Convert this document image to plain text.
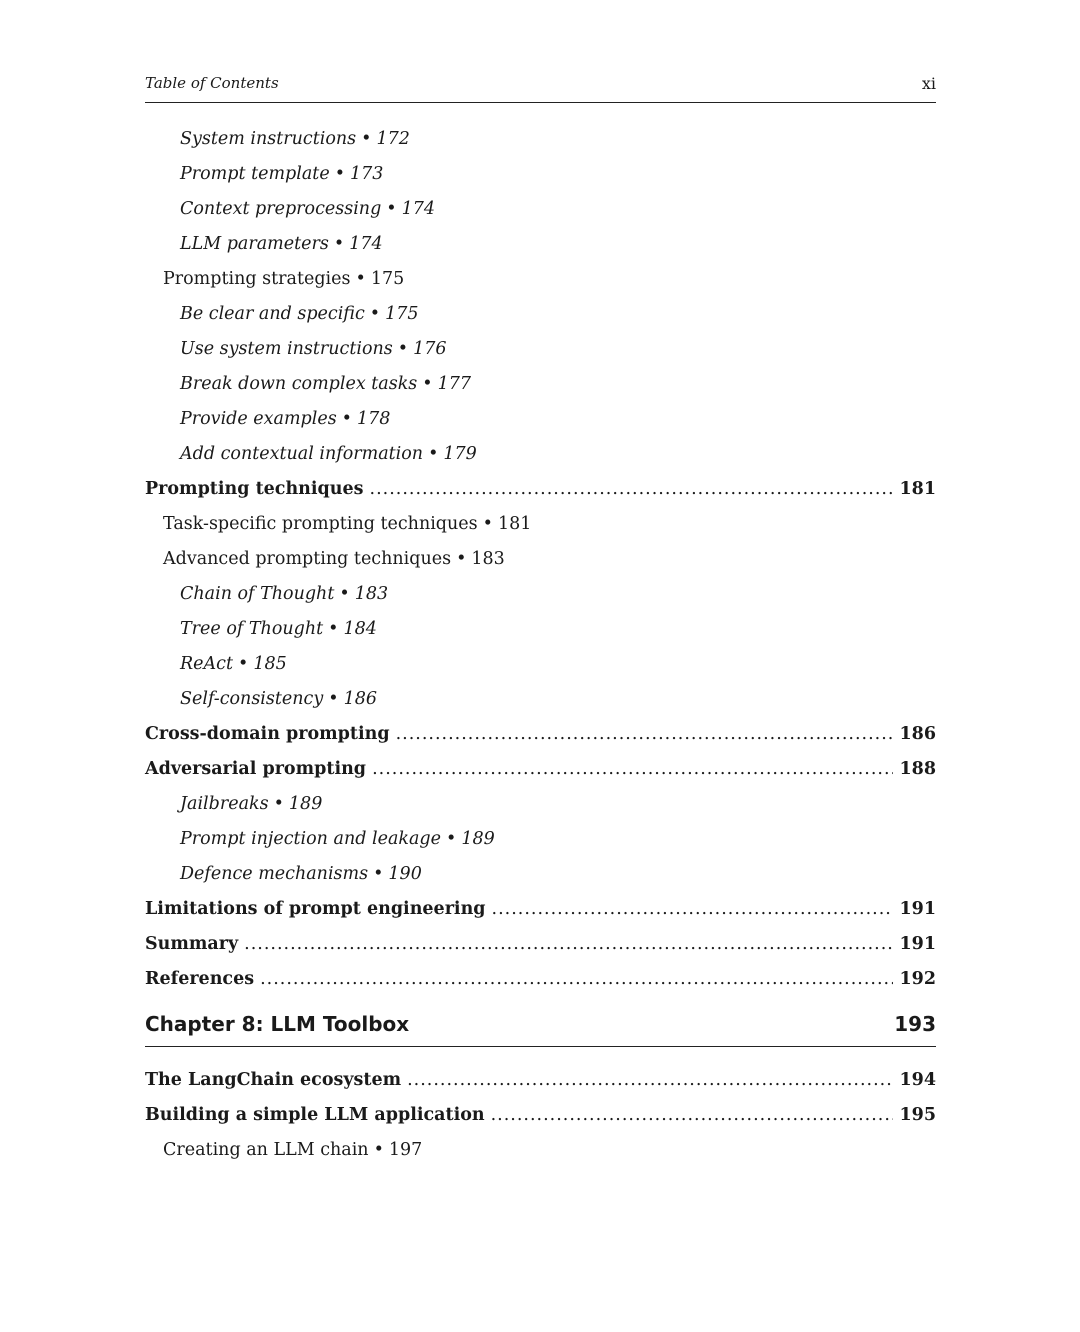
Table of Contents	xi
System instructions • 172
Prompt template • 173
Context preprocessing • 174
LLM parameters • 174
Prompting strategies • 175
Be clear and specific • 175
Use system instructions • 176
Break down complex tasks • 177
Provide examples • 178
Add contextual information • 179
Prompting techniques .....	181
Task-specific prompting techniques • 181
Advanced prompting techniques • 183
Chain of Thought • 183
Tree of Thought • 184
ReAct • 185
Self-consistency • 186
Cross-domain prompting .....	186
Adversarial prompting .....	188
Jailbreaks • 189
Prompt injection and leakage • 189
Defence mechanisms • 190
Limitations of prompt engineering .....	191
Summary .....	191
References .....	192
Chapter 8: LLM Toolbox	193
The LangChain ecosystem .....	194
Building a simple LLM application .....	195
Creating an LLM chain • 197
